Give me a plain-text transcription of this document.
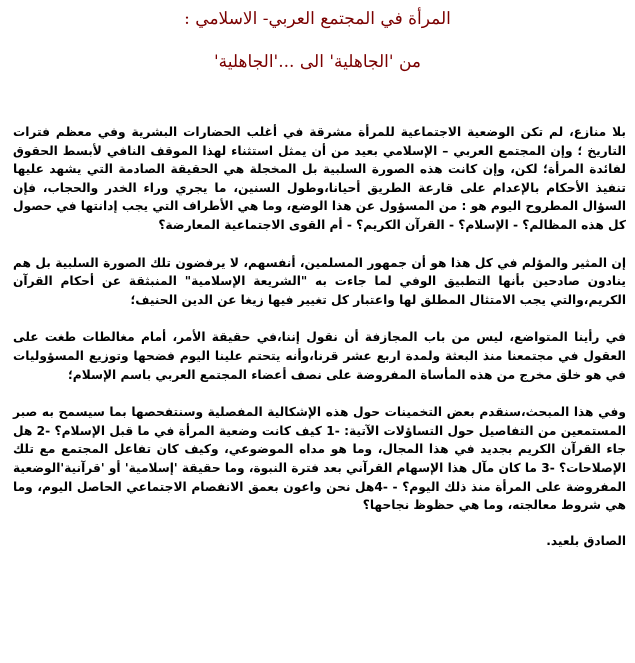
المرأة في المجتمع العربي- الاسلامي :
من 'الجاهلية' الى ...'الجاهلية'

بلا منازع، لم تكن الوضعية الاجتماعية للمرأة مشرقة في أغلب الحضارات البشرية وفي معظم فترات التاريخ ؛ وإن المجتمع العربي – الإسلامي بعيد من أن يمثل استثناء لهذا الموقف النافي لأبسط الحقوق لفائدة المرأة؛ لكن، وإن كانت هذه الصورة السلبية بل المخجلة هي الحقيقة الصادمة التي يشهد عليها تنفيذ الأحكام بالإعدام على قارعة الطريق أحيانا،وطول السنين، ما يجري وراء الخدر والحجاب، فإن السؤال المطروح اليوم هو : من المسؤول عن هذا الوضع، وما هي الأطراف التي يجب إدانتها في حصول كل هذه المظالم؟ - الإسلام؟ - القرآن الكريم؟ - أم القوى الاجتماعية المعارضة؟

إن المثير والمؤلم في كل هذا هو أن جمهور المسلمين، أنفسهم، لا يرفضون تلك الصورة السلبية بل هم ينادون صادحين بأنها التطبيق الوفي لما جاءت به "الشريعة الإسلامية" المنبثقة عن أحكام القرآن الكريم،والتي يجب الامتثال المطلق لها واعتبار كل تغيير فيها زيغا عن الدين الحنيف؛

في رأينا المتواضع، ليس من باب المجازفة أن نقول إننا،في حقيقة الأمر، أمام مغالطات طغت على العقول في مجتمعنا منذ البعثة ولمدة اربع عشر قرنا،وأنه يتحتم علينا اليوم فضحها وتوزيع المسؤوليات في هو خلق مخرج من هذه المأساة المفروضة على نصف أعضاء المجتمع العربي باسم الإسلام؛

وفي هذا المبحث،سنقدم بعض التخمينات حول هذه الإشكالية المفصلية وسنتفحصها بما سيسمح به صبر المستمعين من التفاصيل حول التساؤلات الآتية: -1 كيف كانت وضعية المرأة في ما قبل الإسلام؟ -2 هل جاء القرآن الكريم بجديد في هذا المجال، وما هو مداه الموضوعي، وكيف كان تفاعل المجتمع مع تلك الإصلاحات؟ -3 ما كان مآل هذا الإسهام القرآني بعد فترة النبوة، وما حقيقة 'إسلامية' أو 'قرآنية'الوضعية المفروضة على المرأة منذ ذلك اليوم؟ - -4هل نحن واعون بعمق الانفصام الاجتماعي الحاصل اليوم، وما هي شروط معالجته، وما هي حظوظ نجاحها؟

الصادق بلعيد.
